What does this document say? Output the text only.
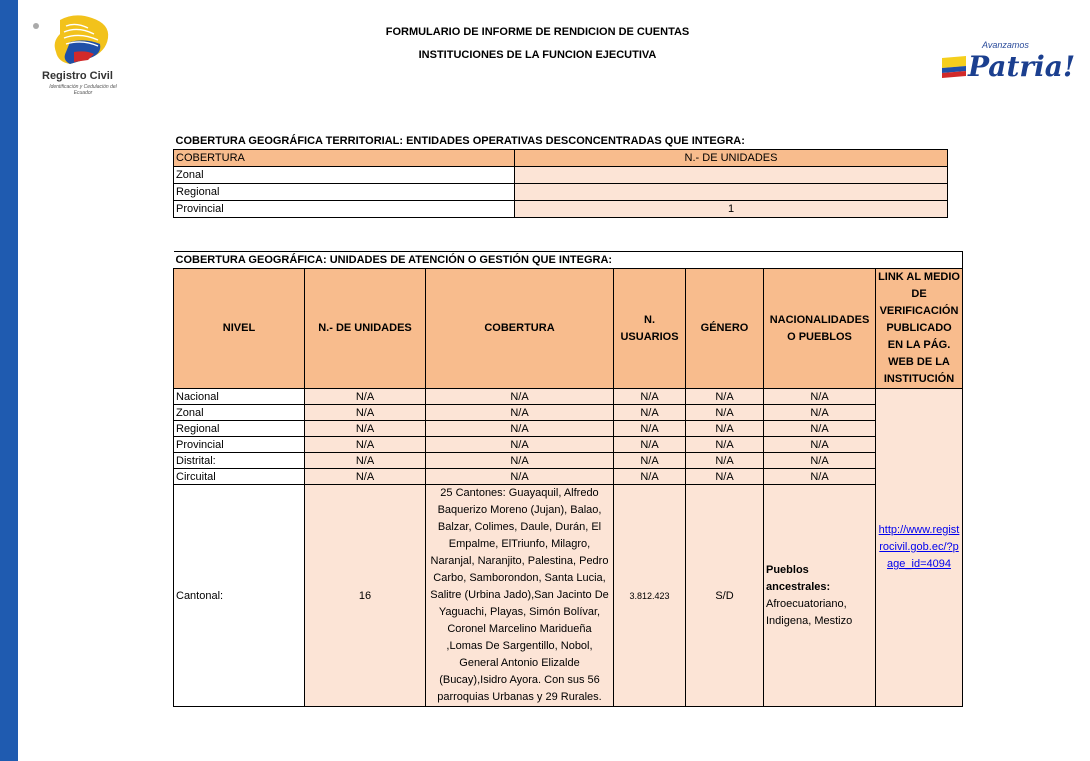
Registro Civil
Identificación y Cedulación del Ecuador
FORMULARIO DE INFORME DE RENDICION DE CUENTAS
INSTITUCIONES DE LA FUNCION EJECUTIVA
Avanzamos
Patria!
COBERTURA GEOGRÁFICA TERRITORIAL: ENTIDADES OPERATIVAS DESCONCENTRADAS QUE INTEGRA:	
COBERTURA	N.- DE UNIDADES
Zonal	
Regional	
Provincial	1
COBERTURA GEOGRÁFICA: UNIDADES DE ATENCIÓN O GESTIÓN QUE INTEGRA:						
NIVEL	N.- DE UNIDADES	COBERTURA	N. USUARIOS	GÉNERO	NACIONALIDADES O PUEBLOS	LINK AL MEDIO DE VERIFICACIÓN PUBLICADO EN LA PÁG. WEB DE LA INSTITUCIÓN
Nacional	N/A	N/A	N/A	N/A	N/A	http://www.registrocivil.gob.ec/?page_id=4094
Zonal	N/A	N/A	N/A	N/A	N/A	
Regional	N/A	N/A	N/A	N/A	N/A	
Provincial	N/A	N/A	N/A	N/A	N/A	
Distrital:	N/A	N/A	N/A	N/A	N/A	
Circuital	N/A	N/A	N/A	N/A	N/A	
Cantonal:	16	25 Cantones: Guayaquil, Alfredo Baquerizo Moreno (Jujan), Balao, Balzar, Colimes, Daule, Durán, El Empalme, ElTriunfo, Milagro, Naranjal, Naranjito, Palestina, Pedro Carbo, Samborondon, Santa Lucia, Salitre (Urbina Jado),San Jacinto De Yaguachi, Playas, Simón Bolívar, Coronel Marcelino Maridueña ,Lomas De Sargentillo, Nobol, General Antonio Elizalde (Bucay),Isidro Ayora. Con sus 56 parroquias Urbanas y 29 Rurales.	3.812.423	S/D	Pueblos ancestrales:
Afroecuatoriano, Indigena, Mestizo	
